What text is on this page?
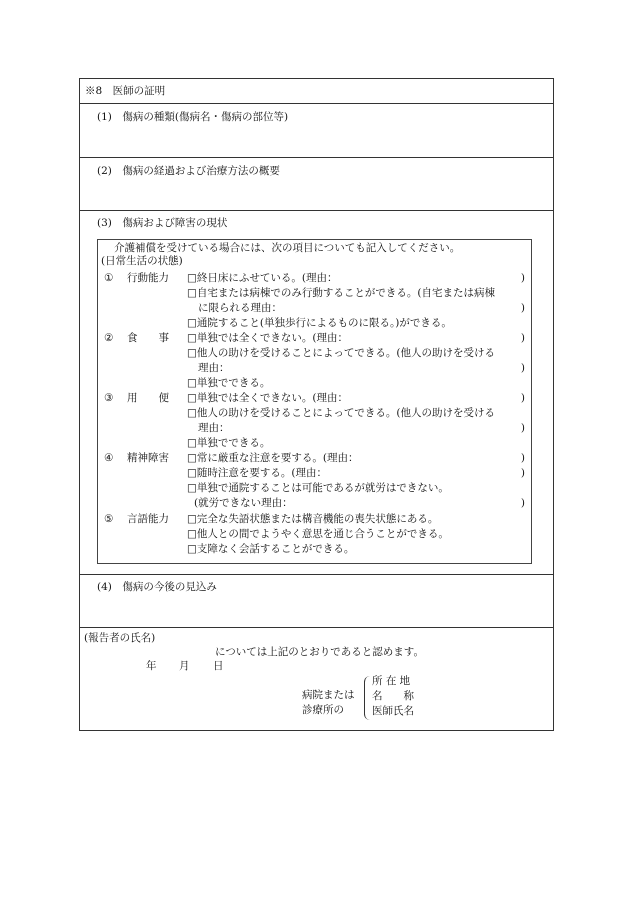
※8　医師の証明
(1)　傷病の種類(傷病名・傷病の部位等)
(2)　傷病の経過および治療方法の概要
(3)　傷病および障害の現状
介護補償を受けている場合には、次の項目についても記入してください。
(日常生活の状態)
① 行動能力 □終日床にふせている。(理由：	)
□自宅または病棟でのみ行動することができる。(自宅または病棟
に限られる理由：	)
□通院すること(単独歩行によるものに限る。)ができる。
② 食　　事 □単独では全くできない。(理由：	)
□他人の助けを受けることによってできる。(他人の助けを受ける
理由：	)
□単独でできる。
③ 用　　便 □単独では全くできない。(理由：	)
□他人の助けを受けることによってできる。(他人の助けを受ける
理由：	)
□単独でできる。
④ 精神障害 □常に厳重な注意を要する。(理由：	)
□随時注意を要する。(理由：	)
□単独で通院することは可能であるが就労はできない。
(就労できない理由：	)
⑤ 言語能力 □完全な失語状態または構音機能の喪失状態にある。
□他人との間でようやく意思を通じ合うことができる。
□支障なく会話することができる。
(4)　傷病の今後の見込み
(報告者の氏名)
については上記のとおりであると認めます。
年 月 日
病院または
診療所の
所 在 地
名　　称
医師氏名
